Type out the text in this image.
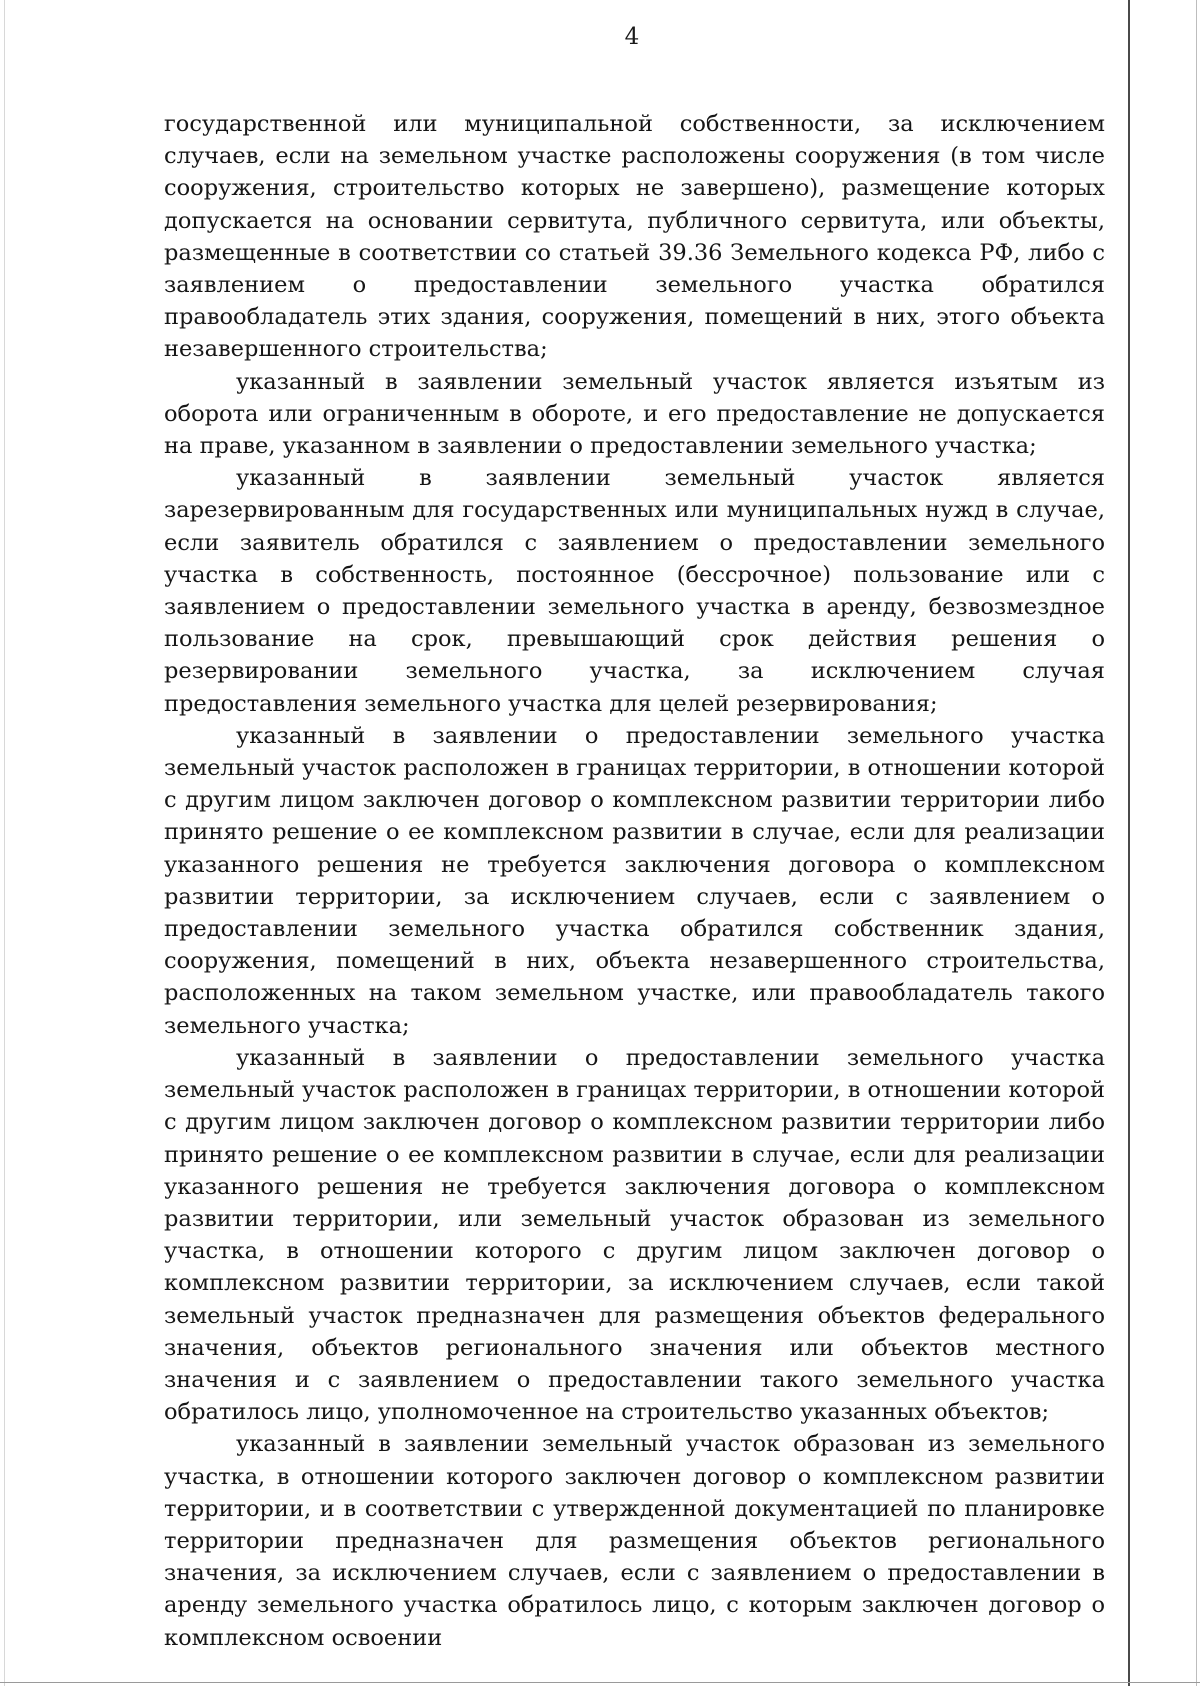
4

государственной или муниципальной собственности, за исключением случаев, если на земельном участке расположены сооружения (в том числе сооружения, строительство которых не завершено), размещение которых допускается на основании сервитута, публичного сервитута, или объекты, размещенные в соответствии со статьей 39.36 Земельного кодекса РФ, либо с заявлением о предоставлении земельного участка обратился правообладатель этих здания, сооружения, помещений в них, этого объекта незавершенного строительства;

указанный в заявлении земельный участок является изъятым из оборота или ограниченным в обороте, и его предоставление не допускается на праве, указанном в заявлении о предоставлении земельного участка;

указанный в заявлении земельный участок является зарезервированным для государственных или муниципальных нужд в случае, если заявитель обратился с заявлением о предоставлении земельного участка в собственность, постоянное (бессрочное) пользование или с заявлением о предоставлении земельного участка в аренду, безвозмездное пользование на срок, превышающий срок действия решения о резервировании земельного участка, за исключением случая предоставления земельного участка для целей резервирования;

указанный в заявлении о предоставлении земельного участка земельный участок расположен в границах территории, в отношении которой с другим лицом заключен договор о комплексном развитии территории либо принято решение о ее комплексном развитии в случае, если для реализации указанного решения не требуется заключения договора о комплексном развитии территории, за исключением случаев, если с заявлением о предоставлении земельного участка обратился собственник здания, сооружения, помещений в них, объекта незавершенного строительства, расположенных на таком земельном участке, или правообладатель такого земельного участка;

указанный в заявлении о предоставлении земельного участка земельный участок расположен в границах территории, в отношении которой с другим лицом заключен договор о комплексном развитии территории либо принято решение о ее комплексном развитии в случае, если для реализации указанного решения не требуется заключения договора о комплексном развитии территории, или земельный участок образован из земельного участка, в отношении которого с другим лицом заключен договор о комплексном развитии территории, за исключением случаев, если такой земельный участок предназначен для размещения объектов федерального значения, объектов регионального значения или объектов местного значения и с заявлением о предоставлении такого земельного участка обратилось лицо, уполномоченное на строительство указанных объектов;

указанный в заявлении земельный участок образован из земельного участка, в отношении которого заключен договор о комплексном развитии территории, и в соответствии с утвержденной документацией по планировке территории предназначен для размещения объектов регионального значения, за исключением случаев, если с заявлением о предоставлении в аренду земельного участка обратилось лицо, с которым заключен договор о комплексном освоении
